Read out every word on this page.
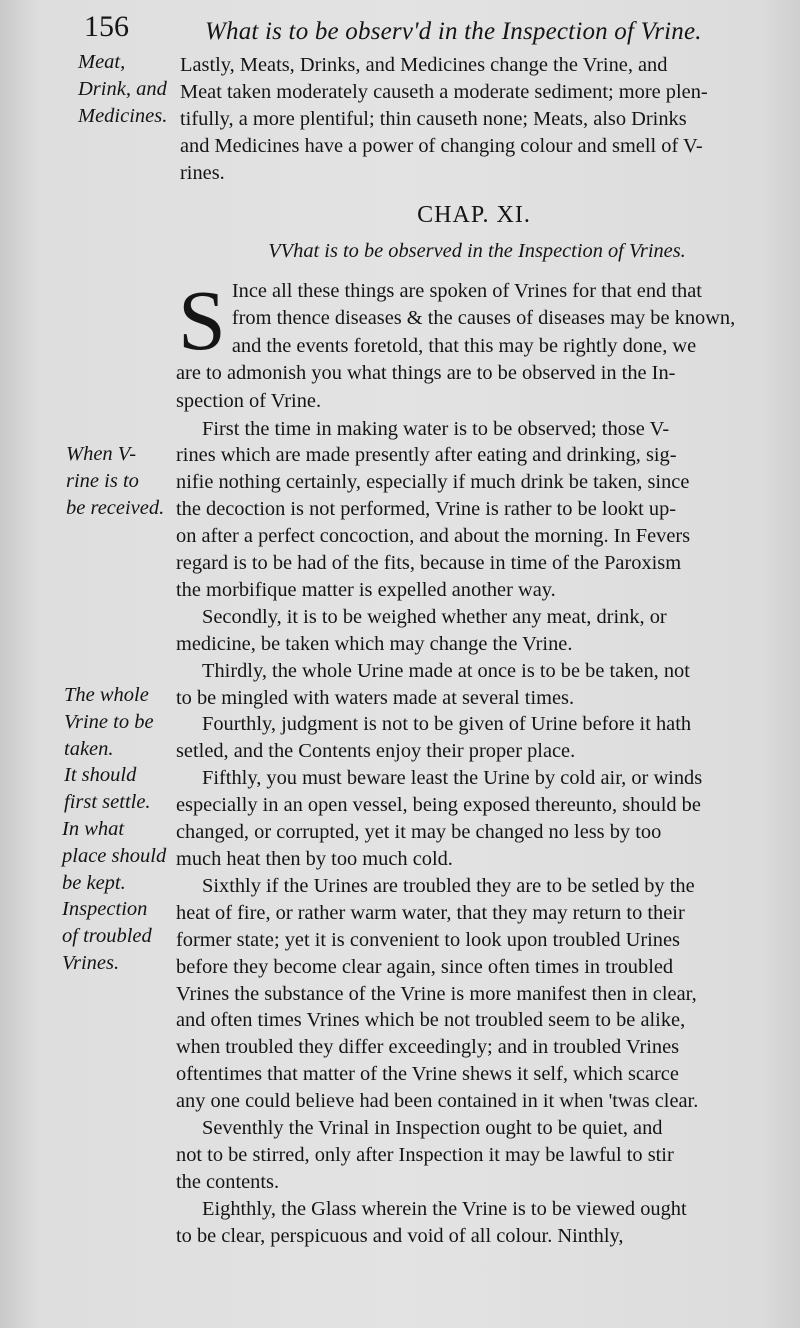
156	What is to be observ'd in the Inspection of Vrine.
Meat,
Drink, and
Medicines.
When V-
rine is to
be received.
The whole
Vrine to be
taken.
It should
first settle.
In what
place should
be kept.
Inspection
of troubled
Vrines.

Lastly, Meats, Drinks, and Medicines change the Vrine, and
Meat taken moderately causeth a moderate sediment; more plen-
tifully, a more plentiful; thin causeth none; Meats, also Drinks
and Medicines have a power of changing colour and smell of V-
rines.

CHAP. XI.
VVhat is to be observed in the Inspection of Vrines.

S Ince all these things are spoken of Vrines for that end that
from thence diseases & the causes of diseases may be known,
and the events foretold, that this may be rightly done, we
are to admonish you what things are to be observed in the In-
spection of Vrine.

First the time in making water is to be observed; those V-
rines which are made presently after eating and drinking, sig-
nifie nothing certainly, especially if much drink be taken, since
the decoction is not performed, Vrine is rather to be lookt up-
on after a perfect concoction, and about the morning. In Fevers
regard is to be had of the fits, because in time of the Paroxism
the morbifique matter is expelled another way.

Secondly, it is to be weighed whether any meat, drink, or
medicine, be taken which may change the Vrine.

Thirdly, the whole Urine made at once is to be be taken, not
to be mingled with waters made at several times.

Fourthly, judgment is not to be given of Urine before it hath
setled, and the Contents enjoy their proper place.

Fifthly, you must beware least the Urine by cold air, or winds
especially in an open vessel, being exposed thereunto, should be
changed, or corrupted, yet it may be changed no less by too
much heat then by too much cold.

Sixthly if the Urines are troubled they are to be setled by the
heat of fire, or rather warm water, that they may return to their
former state; yet it is convenient to look upon troubled Urines
before they become clear again, since often times in troubled
Vrines the substance of the Vrine is more manifest then in clear,
and often times Vrines which be not troubled seem to be alike,
when troubled they differ exceedingly; and in troubled Vrines
oftentimes that matter of the Vrine shews it self, which scarce
any one could believe had been contained in it when 'twas clear.

Seventhly the Vrinal in Inspection ought to be quiet, and
not to be stirred, only after Inspection it may be lawful to stir
the contents.

Eighthly, the Glass wherein the Vrine is to be viewed ought
to be clear, perspicuous and void of all colour. Ninthly,
